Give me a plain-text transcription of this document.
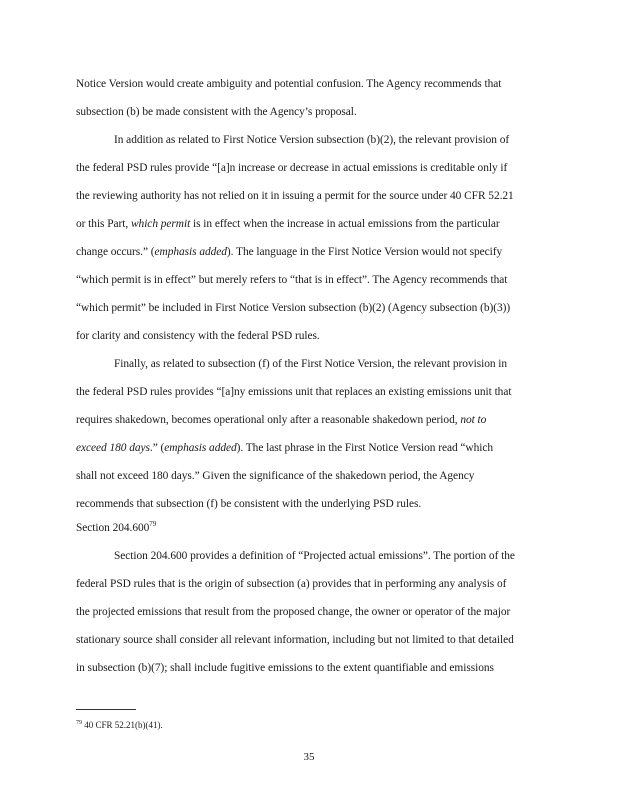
Notice Version would create ambiguity and potential confusion. The Agency recommends that
subsection (b) be made consistent with the Agency’s proposal.
In addition as related to First Notice Version subsection (b)(2), the relevant provision of
the federal PSD rules provide “[a]n increase or decrease in actual emissions is creditable only if
the reviewing authority has not relied on it in issuing a permit for the source under 40 CFR 52.21
or this Part, which permit is in effect when the increase in actual emissions from the particular
change occurs.” (emphasis added). The language in the First Notice Version would not specify
“which permit is in effect” but merely refers to “that is in effect”. The Agency recommends that
“which permit” be included in First Notice Version subsection (b)(2) (Agency subsection (b)(3))
for clarity and consistency with the federal PSD rules.
Finally, as related to subsection (f) of the First Notice Version, the relevant provision in
the federal PSD rules provides “[a]ny emissions unit that replaces an existing emissions unit that
requires shakedown, becomes operational only after a reasonable shakedown period, not to
exceed 180 days.” (emphasis added). The last phrase in the First Notice Version read “which
shall not exceed 180 days.” Given the significance of the shakedown period, the Agency
recommends that subsection (f) be consistent with the underlying PSD rules.
Section 204.600$^{79}$
Section 204.600 provides a definition of “Projected actual emissions”. The portion of the
federal PSD rules that is the origin of subsection (a) provides that in performing any analysis of
the projected emissions that result from the proposed change, the owner or operator of the major
stationary source shall consider all relevant information, including but not limited to that detailed
in subsection (b)(7); shall include fugitive emissions to the extent quantifiable and emissions
$^{79}$ 40 CFR 52.21(b)(41).
35
